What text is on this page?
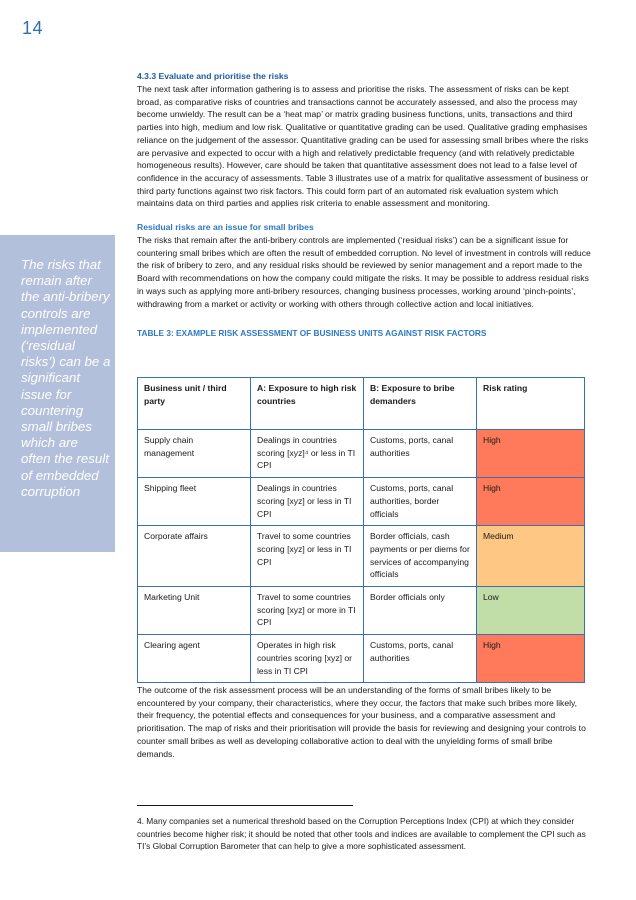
14

The risks that remain after the anti-bribery controls are implemented (‘residual risks’) can be a significant issue for countering small bribes which are often the result of embedded corruption

4.3.3 Evaluate and prioritise the risks

The next task after information gathering is to assess and prioritise the risks. The assessment of risks can be kept broad, as comparative risks of countries and transactions cannot be accurately assessed, and also the process may become unwieldy. The result can be a ‘heat map’ or matrix grading business functions, units, transactions and third parties into high, medium and low risk. Qualitative or quantitative grading can be used. Qualitative grading emphasises reliance on the judgement of the assessor. Quantitative grading can be used for assessing small bribes where the risks are pervasive and expected to occur with a high and relatively predictable frequency (and with relatively predictable homogeneous results). However, care should be taken that quantitative assessment does not lead to a false level of confidence in the accuracy of assessments. Table 3 illustrates use of a matrix for qualitative assessment of business or third party functions against two risk factors. This could form part of an automated risk evaluation system which maintains data on third parties and applies risk criteria to enable assessment and monitoring.

Residual risks are an issue for small bribes

The risks that remain after the anti-bribery controls are implemented (‘residual risks’) can be a significant issue for countering small bribes which are often the result of embedded corruption. No level of investment in controls will reduce the risk of bribery to zero, and any residual risks should be reviewed by senior management and a report made to the Board with recommendations on how the company could mitigate the risks. It may be possible to address residual risks in ways such as applying more anti-bribery resources, changing business processes, working around ‘pinch-points’, withdrawing from a market or activity or working with others through collective action and local initiatives.

TABLE 3: EXAMPLE RISK ASSESSMENT OF BUSINESS UNITS AGAINST RISK FACTORS
Business unit / third party	A: Exposure to high risk countries	B: Exposure to bribe demanders	Risk rating
Supply chain management	Dealings in countries scoring [xyz]⁴ or less in TI CPI	Customs, ports, canal authorities	High
Shipping fleet	Dealings in countries scoring [xyz] or less in TI CPI	Customs, ports, canal authorities, border officials	High
Corporate affairs	Travel to some countries scoring [xyz] or less in TI CPI	Border officials, cash payments or per diems for services of accompanying officials	Medium
Marketing Unit	Travel to some countries scoring [xyz] or more in TI CPI	Border officials only	Low
Clearing agent	Operates in high risk countries scoring [xyz] or less in TI CPI	Customs, ports, canal authorities	High

The outcome of the risk assessment process will be an understanding of the forms of small bribes likely to be encountered by your company, their characteristics, where they occur, the factors that make such bribes more likely, their frequency, the potential effects and consequences for your business, and a comparative assessment and prioritisation. The map of risks and their prioritisation will provide the basis for reviewing and designing your controls to counter small bribes as well as developing collaborative action to deal with the unyielding forms of small bribe demands.

4. Many companies set a numerical threshold based on the Corruption Perceptions Index (CPI) at which they consider countries become higher risk; it should be noted that other tools and indices are available to complement the CPI such as TI’s Global Corruption Barometer that can help to give a more sophisticated assessment.
